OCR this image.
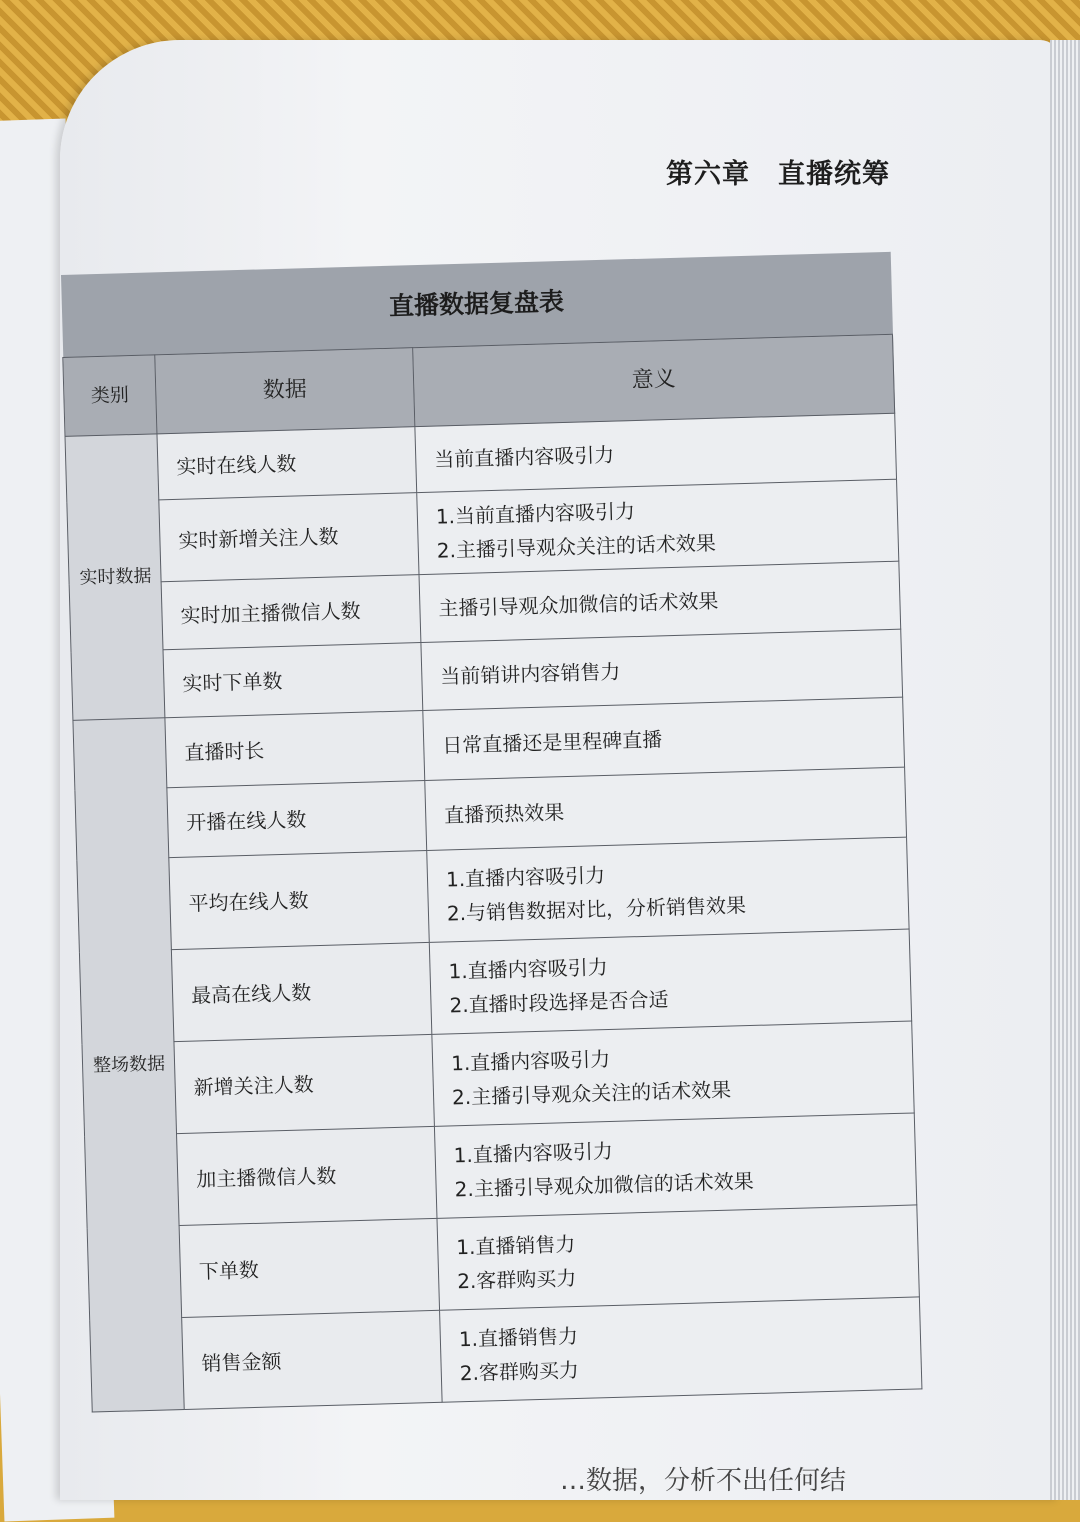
第六章　直播统筹
直播数据复盘表		
类别	数据	意义
实时数据	实时在线人数	当前直播内容吸引力

	实时新增关注人数	1.当前直播内容吸引力
2.主播引导观众关注的话术效果

	实时加主播微信人数	主播引导观众加微信的话术效果

	实时下单数	当前销讲内容销售力

整场数据	直播时长	日常直播还是里程碑直播

	开播在线人数	直播预热效果

	平均在线人数	1.直播内容吸引力
2.与销售数据对比，分析销售效果

	最高在线人数	1.直播内容吸引力
2.直播时段选择是否合适

	新增关注人数	1.直播内容吸引力
2.主播引导观众关注的话术效果

	加主播微信人数	1.直播内容吸引力
2.主播引导观众加微信的话术效果

	下单数	1.直播销售力
2.客群购买力

	销售金额	1.直播销售力
2.客群购买力
…数据，分析不出任何结
